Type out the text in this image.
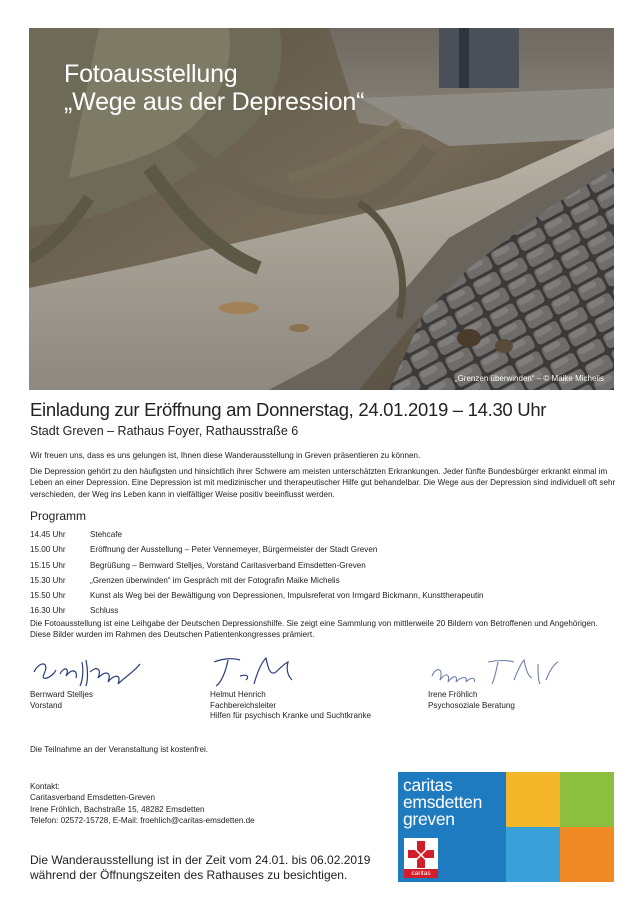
Fotoausstellung
„Wege aus der Depression“
„Grenzen überwinden“ – © Maike Michelis
Einladung zur Eröffnung am Donnerstag, 24.01.2019 – 14.30 Uhr
Stadt Greven – Rathaus Foyer, Rathausstraße 6
Wir freuen uns, dass es uns gelungen ist, Ihnen diese Wanderausstellung in Greven präsentieren zu können.
Die Depression gehört zu den häufigsten und hinsichtlich ihrer Schwere am meisten unterschätzten Erkrankungen. Jeder fünfte Bundesbürger erkrankt einmal im Leben an einer Depression. Eine Depression ist mit medizinischer und therapeutischer Hilfe gut behandelbar. Die Wege aus der Depression sind individuell oft sehr verschieden, der Weg ins Leben kann in vielfältiger Weise positiv beeinflusst werden.
Programm
14.45 Uhr	Stehcafe
15.00 Uhr	Eröffnung der Ausstellung – Peter Vennemeyer, Bürgermeister der Stadt Greven
15.15 Uhr	Begrüßung – Bernward Stelljes, Vorstand Caritasverband Emsdetten-Greven
15.30 Uhr	„Grenzen überwinden“ im Gespräch mit der Fotografin Maike Michelis
15.50 Uhr	Kunst als Weg bei der Bewältigung von Depressionen, Impulsreferat von Irmgard Bickmann, Kunsttherapeutin
16.30 Uhr	Schluss
Die Fotoausstellung ist eine Leihgabe der Deutschen Depressionshilfe. Sie zeigt eine Sammlung von mittlerweile 20 Bildern von Betroffenen und Angehörigen. Diese Bilder wurden im Rahmen des Deutschen Patientenkongresses prämiert.
Bernward Stelljes
Vorstand
Helmut Henrich
Fachbereichsleiter
Hilfen für psychisch Kranke und Suchtkranke
Irene Fröhlich
Psychosoziale Beratung
Die Teilnahme an der Veranstaltung ist kostenfrei.
Kontakt:
Caritasverband Emsdetten-Greven
Irene Fröhlich, Bachstraße 15, 48282 Emsdetten
Telefon: 02572-15728, E-Mail: froehlich@caritas-emsdetten.de
Die Wanderausstellung ist in der Zeit vom 24.01. bis 06.02.2019
während der Öffnungszeiten des Rathauses zu besichtigen.
caritas
emsdetten
greven
caritas
